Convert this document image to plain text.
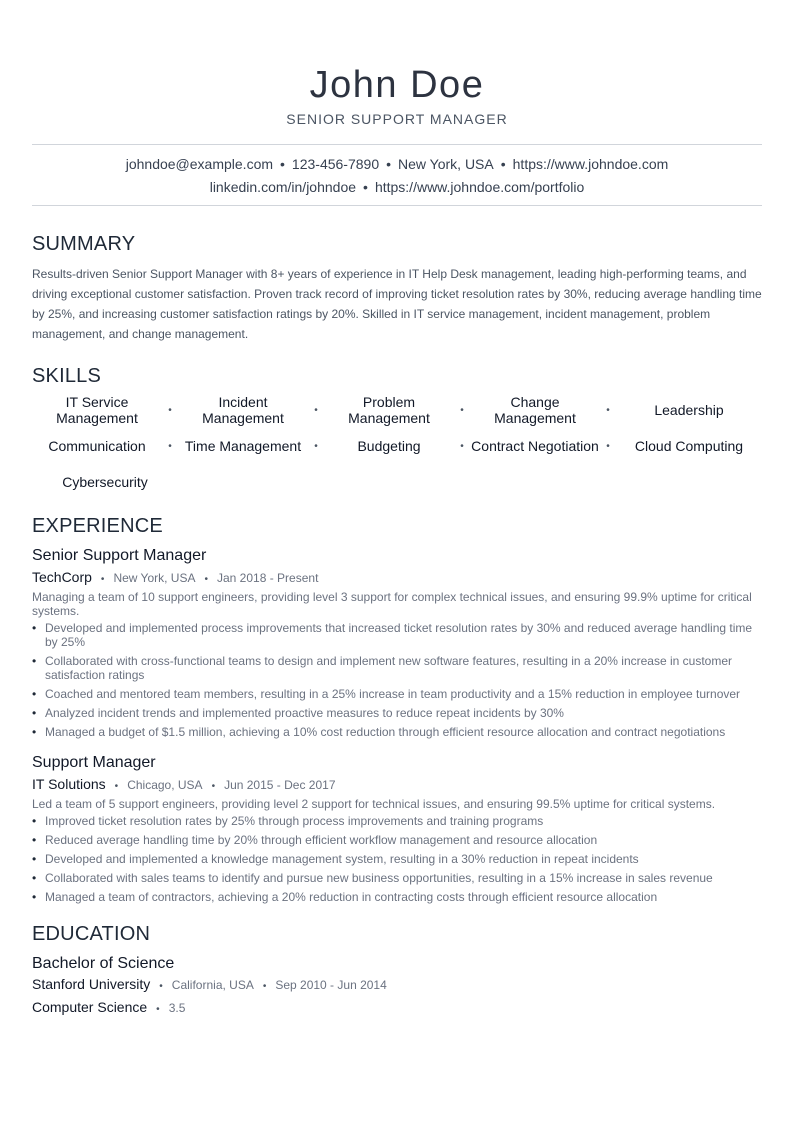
John Doe
SENIOR SUPPORT MANAGER
johndoe@example.com • 123-456-7890 • New York, USA • https://www.johndoe.com
linkedin.com/in/johndoe • https://www.johndoe.com/portfolio
SUMMARY

Results-driven Senior Support Manager with 8+ years of experience in IT Help Desk management, leading high-performing teams, and driving exceptional customer satisfaction. Proven track record of improving ticket resolution rates by 30%, reducing average handling time by 25%, and increasing customer satisfaction ratings by 20%. Skilled in IT service management, incident management, problem management, and change management.

SKILLS
IT Service Management	•	Incident Management	•	Problem Management	•	Change Management	•	Leadership
Communication	• Time Management	•	Budgeting	• Contract Negotiation •	Cloud Computing
Cybersecurity
EXPERIENCE
Senior Support Manager
TechCorp • New York, USA • Jan 2018 - Present
Managing a team of 10 support engineers, providing level 3 support for complex technical issues, and ensuring 99.9% uptime for critical systems.
• Developed and implemented process improvements that increased ticket resolution rates by 30% and reduced average handling time by 25%
• Collaborated with cross-functional teams to design and implement new software features, resulting in a 20% increase in customer satisfaction ratings
• Coached and mentored team members, resulting in a 25% increase in team productivity and a 15% reduction in employee turnover
• Analyzed incident trends and implemented proactive measures to reduce repeat incidents by 30%
• Managed a budget of $1.5 million, achieving a 10% cost reduction through efficient resource allocation and contract negotiations
Support Manager
IT Solutions • Chicago, USA • Jun 2015 - Dec 2017
Led a team of 5 support engineers, providing level 2 support for technical issues, and ensuring 99.5% uptime for critical systems.
• Improved ticket resolution rates by 25% through process improvements and training programs
• Reduced average handling time by 20% through efficient workflow management and resource allocation
• Developed and implemented a knowledge management system, resulting in a 30% reduction in repeat incidents
• Collaborated with sales teams to identify and pursue new business opportunities, resulting in a 15% increase in sales revenue
• Managed a team of contractors, achieving a 20% reduction in contracting costs through efficient resource allocation
EDUCATION
Bachelor of Science
Stanford University • California, USA • Sep 2010 - Jun 2014
Computer Science • 3.5
